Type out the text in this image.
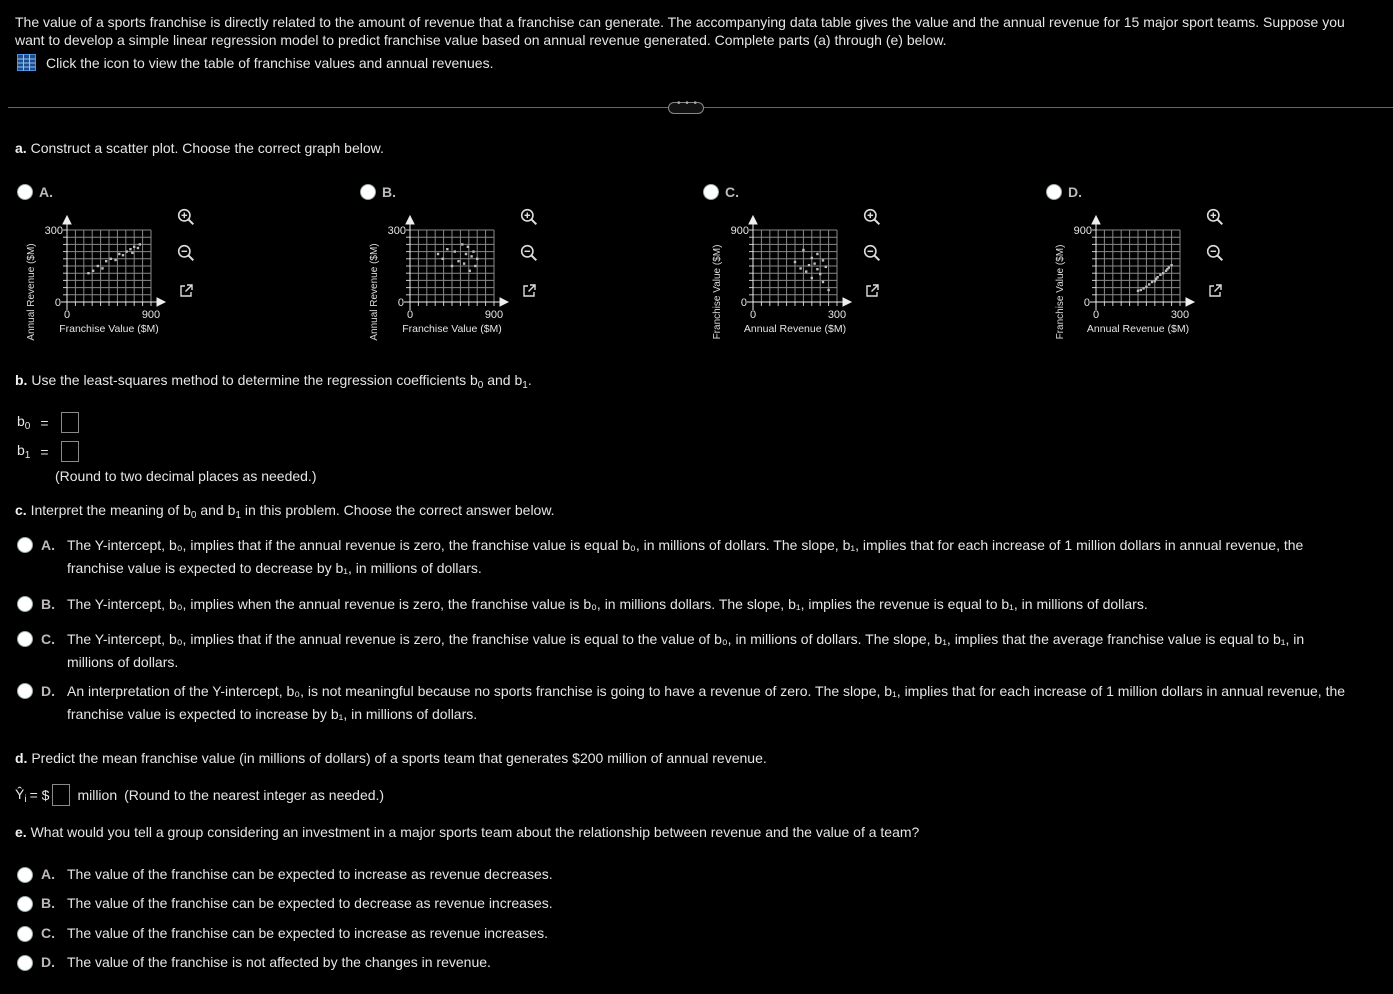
The value of a sports franchise is directly related to the amount of revenue that a franchise can generate. The accompanying data table gives the value and the annual revenue for 15 major sport teams. Suppose you
want to develop a simple linear regression model to predict franchise value based on annual revenue generated. Complete parts (a) through (e) below.
Click the icon to view the table of franchise values and annual revenues.
• • •
a. Construct a scatter plot. Choose the correct graph below.
A.
Annual Revenue ($M)
300
0
0	900
Franchise Value ($M)
B.
Annual Revenue ($M)
300
0
0	900
Franchise Value ($M)
C.
Franchise Value ($M)
900
0
0	300
Annual Revenue ($M)
D.
Franchise Value ($M)
900
0
0	300
Annual Revenue ($M)
b. Use the least-squares method to determine the regression coefficients $b_0$ and $b_1$.
$b_0$ =
$b_1$ =
(Round to two decimal places as needed.)
c. Interpret the meaning of $b_0$ and $b_1$ in this problem. Choose the correct answer below.
A. The Y-intercept, b₀, implies that if the annual revenue is zero, the franchise value is equal b₀, in millions of dollars. The slope, b₁, implies that for each increase of 1 million dollars in annual revenue, the
franchise value is expected to decrease by b₁, in millions of dollars.
B. The Y-intercept, b₀, implies when the annual revenue is zero, the franchise value is b₀, in millions dollars. The slope, b₁, implies the revenue is equal to b₁, in millions of dollars.
C. The Y-intercept, b₀, implies that if the annual revenue is zero, the franchise value is equal to the value of b₀, in millions of dollars. The slope, b₁, implies that the average franchise value is equal to b₁, in
millions of dollars.
D. An interpretation of the Y-intercept, b₀, is not meaningful because no sports franchise is going to have a revenue of zero. The slope, b₁, implies that for each increase of 1 million dollars in annual revenue, the
franchise value is expected to increase by b₁, in millions of dollars.
d. Predict the mean franchise value (in millions of dollars) of a sports team that generates $200 million of annual revenue.
$Ŷ_i$ = $ million (Round to the nearest integer as needed.)
e. What would you tell a group considering an investment in a major sports team about the relationship between revenue and the value of a team?
A. The value of the franchise can be expected to increase as revenue decreases.
B. The value of the franchise can be expected to decrease as revenue increases.
C. The value of the franchise can be expected to increase as revenue increases.
D. The value of the franchise is not affected by the changes in revenue.
